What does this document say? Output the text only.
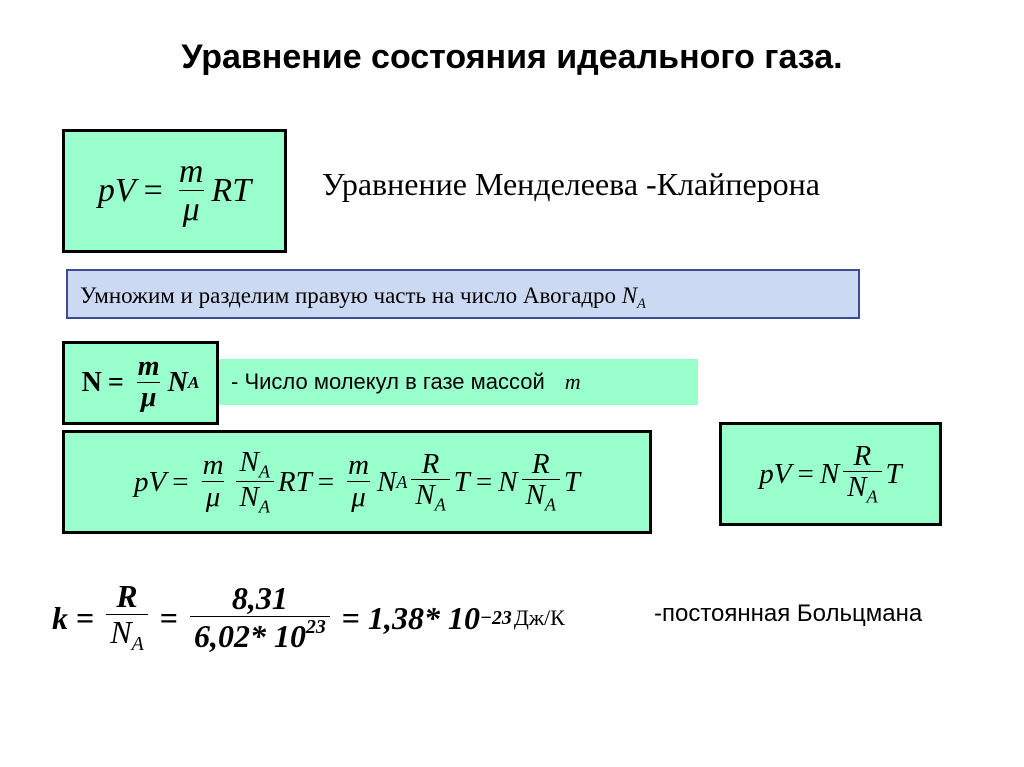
Уравнение состояния идеального газа.
pV = $\frac{m}{\mu}$ RT Уравнение Менделеева -Клайперона
Умножим и разделим правую часть на число Авогадро $N_A$
$N = \frac{m}{\mu}$ N A - Число молекул в газе массой m
pV = $\frac{m}{\mu} \frac{N_A}{N_A}$ RT = $\frac{m}{\mu}$ N A $\frac{R}{N_A}$ T = N $\frac{R}{N_A}$ T	pV = N $\frac{R}{N_A}$ T
$k = \frac{R}{N_A} = \frac{8,31}{6,02* 10^{23}} = 1,38*$ 10 −23 Дж/К	-постоянная Больцмана
